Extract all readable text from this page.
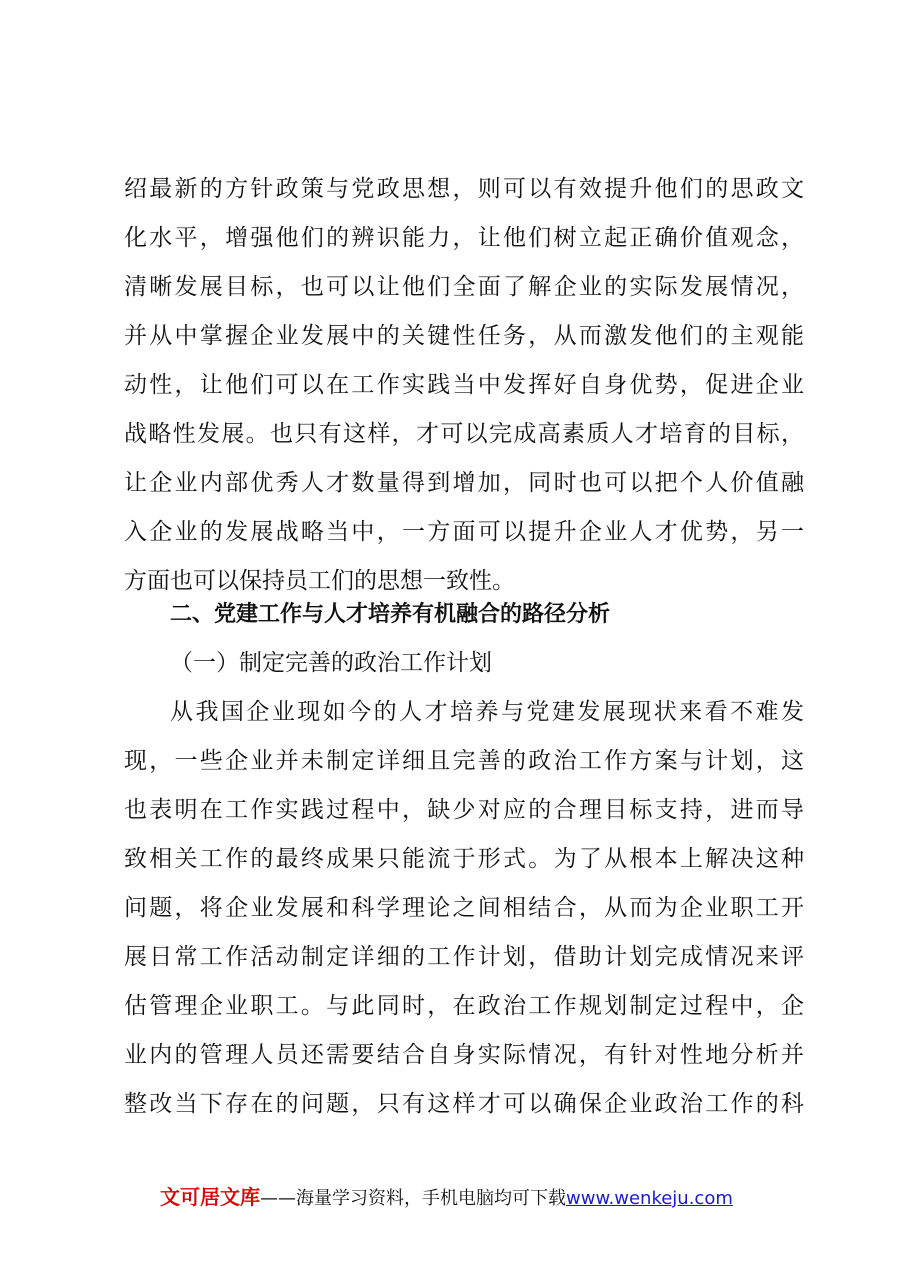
绍最新的方针政策与党政思想，则可以有效提升他们的思政文
化水平，增强他们的辨识能力，让他们树立起正确价值观念，
清晰发展目标，也可以让他们全面了解企业的实际发展情况，
并从中掌握企业发展中的关键性任务，从而激发他们的主观能
动性，让他们可以在工作实践当中发挥好自身优势，促进企业
战略性发展。也只有这样，才可以完成高素质人才培育的目标，
让企业内部优秀人才数量得到增加，同时也可以把个人价值融
入企业的发展战略当中，一方面可以提升企业人才优势，另一
方面也可以保持员工们的思想一致性。
二、党建工作与人才培养有机融合的路径分析
（一）制定完善的政治工作计划
从我国企业现如今的人才培养与党建发展现状来看不难发
现，一些企业并未制定详细且完善的政治工作方案与计划，这
也表明在工作实践过程中，缺少对应的合理目标支持，进而导
致相关工作的最终成果只能流于形式。为了从根本上解决这种
问题，将企业发展和科学理论之间相结合，从而为企业职工开
展日常工作活动制定详细的工作计划，借助计划完成情况来评
估管理企业职工。与此同时，在政治工作规划制定过程中，企
业内的管理人员还需要结合自身实际情况，有针对性地分析并
整改当下存在的问题，只有这样才可以确保企业政治工作的科
文可居文库——海量学习资料，手机电脑均可下载www.wenkeju.com
